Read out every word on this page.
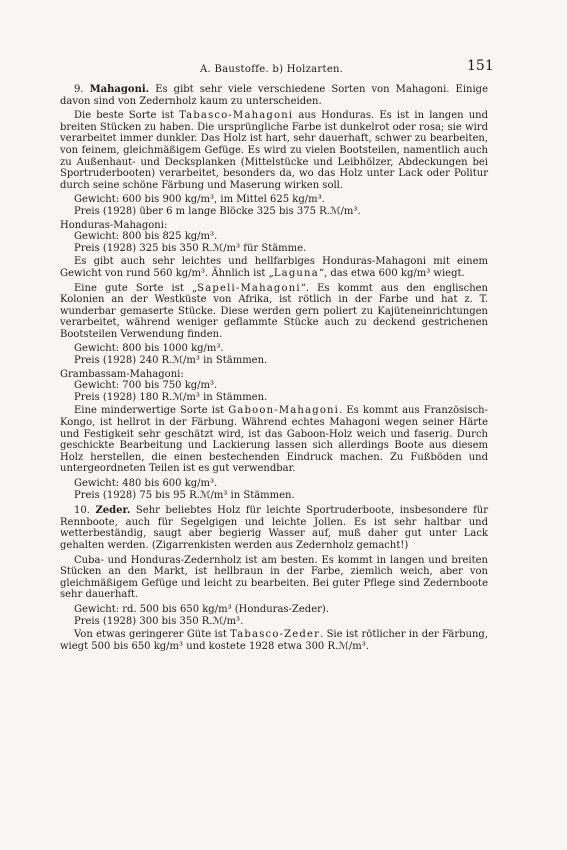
A. Baustoffe. b) Holzarten.	151

9. Mahagoni. Es gibt sehr viele verschiedene Sorten von Mahagoni. Einige davon sind von Zedernholz kaum zu unterscheiden.

Die beste Sorte ist Tabasco-Mahagoni aus Honduras. Es ist in langen und breiten Stücken zu haben. Die ursprüngliche Farbe ist dunkelrot oder rosa; sie wird verarbeitet immer dunkler. Das Holz ist hart, sehr dauerhaft, schwer zu bearbeiten, von feinem, gleichmäßigem Gefüge. Es wird zu vielen Bootsteilen, namentlich auch zu Außenhaut- und Decksplanken (Mittelstücke und Leibhölzer, Abdeckungen bei Sportruderbooten) verarbeitet, besonders da, wo das Holz unter Lack oder Politur durch seine schöne Färbung und Maserung wirken soll.

Gewicht: 600 bis 900 kg/m³, im Mittel 625 kg/m³.
Preis (1928) über 6 m lange Blöcke 325 bis 375 R.ℳ/m³.
Honduras-Mahagoni:
Gewicht: 800 bis 825 kg/m³.
Preis (1928) 325 bis 350 R.ℳ/m³ für Stämme.

Es gibt auch sehr leichtes und hellfarbiges Honduras-Mahagoni mit einem Gewicht von rund 560 kg/m³. Ähnlich ist „Laguna“, das etwa 600 kg/m³ wiegt.

Eine gute Sorte ist „Sapeli-Mahagoni“. Es kommt aus den englischen Kolonien an der Westküste von Afrika, ist rötlich in der Farbe und hat z. T. wunderbar gemaserte Stücke. Diese werden gern poliert zu Kajüteneinrichtungen verarbeitet, während weniger geflammte Stücke auch zu deckend gestrichenen Bootsteilen Verwendung finden.

Gewicht: 800 bis 1000 kg/m³.
Preis (1928) 240 R.ℳ/m³ in Stämmen.
Grambassam-Mahagoni:
Gewicht: 700 bis 750 kg/m³.
Preis (1928) 180 R.ℳ/m³ in Stämmen.

Eine minderwertige Sorte ist Gaboon-Mahagoni. Es kommt aus Französisch-Kongo, ist hellrot in der Färbung. Während echtes Mahagoni wegen seiner Härte und Festigkeit sehr geschätzt wird, ist das Gaboon-Holz weich und faserig. Durch geschickte Bearbeitung und Lackierung lassen sich allerdings Boote aus diesem Holz herstellen, die einen bestechenden Eindruck machen. Zu Fußböden und untergeordneten Teilen ist es gut verwendbar.

Gewicht: 480 bis 600 kg/m³.
Preis (1928) 75 bis 95 R.ℳ/m³ in Stämmen.

10. Zeder. Sehr beliebtes Holz für leichte Sportruderboote, insbesondere für Rennboote, auch für Segelgigen und leichte Jollen. Es ist sehr haltbar und wetterbeständig, saugt aber begierig Wasser auf, muß daher gut unter Lack gehalten werden. (Zigarrenkisten werden aus Zedernholz gemacht!)

Cuba- und Honduras-Zedernholz ist am besten. Es kommt in langen und breiten Stücken an den Markt, ist hellbraun in der Farbe, ziemlich weich, aber von gleichmäßigem Gefüge und leicht zu bearbeiten. Bei guter Pflege sind Zedernboote sehr dauerhaft.

Gewicht: rd. 500 bis 650 kg/m³ (Honduras-Zeder).
Preis (1928) 300 bis 350 R.ℳ/m³.

Von etwas geringerer Güte ist Tabasco-Zeder. Sie ist rötlicher in der Färbung, wiegt 500 bis 650 kg/m³ und kostete 1928 etwa 300 R.ℳ/m³.
